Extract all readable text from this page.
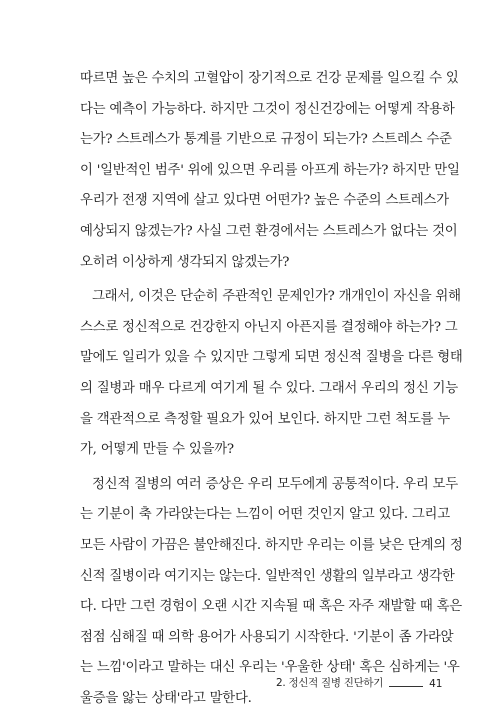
따르면 높은 수치의 고혈압이 장기적으로 건강 문제를 일으킬 수 있
다는 예측이 가능하다. 하지만 그것이 정신건강에는 어떻게 작용하
는가? 스트레스가 통계를 기반으로 규정이 되는가? 스트레스 수준
이 '일반적인 범주' 위에 있으면 우리를 아프게 하는가? 하지만 만일
우리가 전쟁 지역에 살고 있다면 어떤가? 높은 수준의 스트레스가
예상되지 않겠는가? 사실 그런 환경에서는 스트레스가 없다는 것이
오히려 이상하게 생각되지 않겠는가?
그래서, 이것은 단순히 주관적인 문제인가? 개개인이 자신을 위해
스스로 정신적으로 건강한지 아닌지 아픈지를 결정해야 하는가? 그
말에도 일리가 있을 수 있지만 그렇게 되면 정신적 질병을 다른 형태
의 질병과 매우 다르게 여기게 될 수 있다. 그래서 우리의 정신 기능
을 객관적으로 측정할 필요가 있어 보인다. 하지만 그런 척도를 누
가, 어떻게 만들 수 있을까?
정신적 질병의 여러 증상은 우리 모두에게 공통적이다. 우리 모두
는 기분이 축 가라앉는다는 느낌이 어떤 것인지 알고 있다. 그리고
모든 사람이 가끔은 불안해진다. 하지만 우리는 이를 낮은 단계의 정
신적 질병이라 여기지는 않는다. 일반적인 생활의 일부라고 생각한
다. 다만 그런 경험이 오랜 시간 지속될 때 혹은 자주 재발할 때 혹은
점점 심해질 때 의학 용어가 사용되기 시작한다. '기분이 좀 가라앉
는 느낌'이라고 말하는 대신 우리는 '우울한 상태' 혹은 심하게는 '우
울증을 앓는 상태'라고 말한다.
2. 정신적 질병 진단하기	41
